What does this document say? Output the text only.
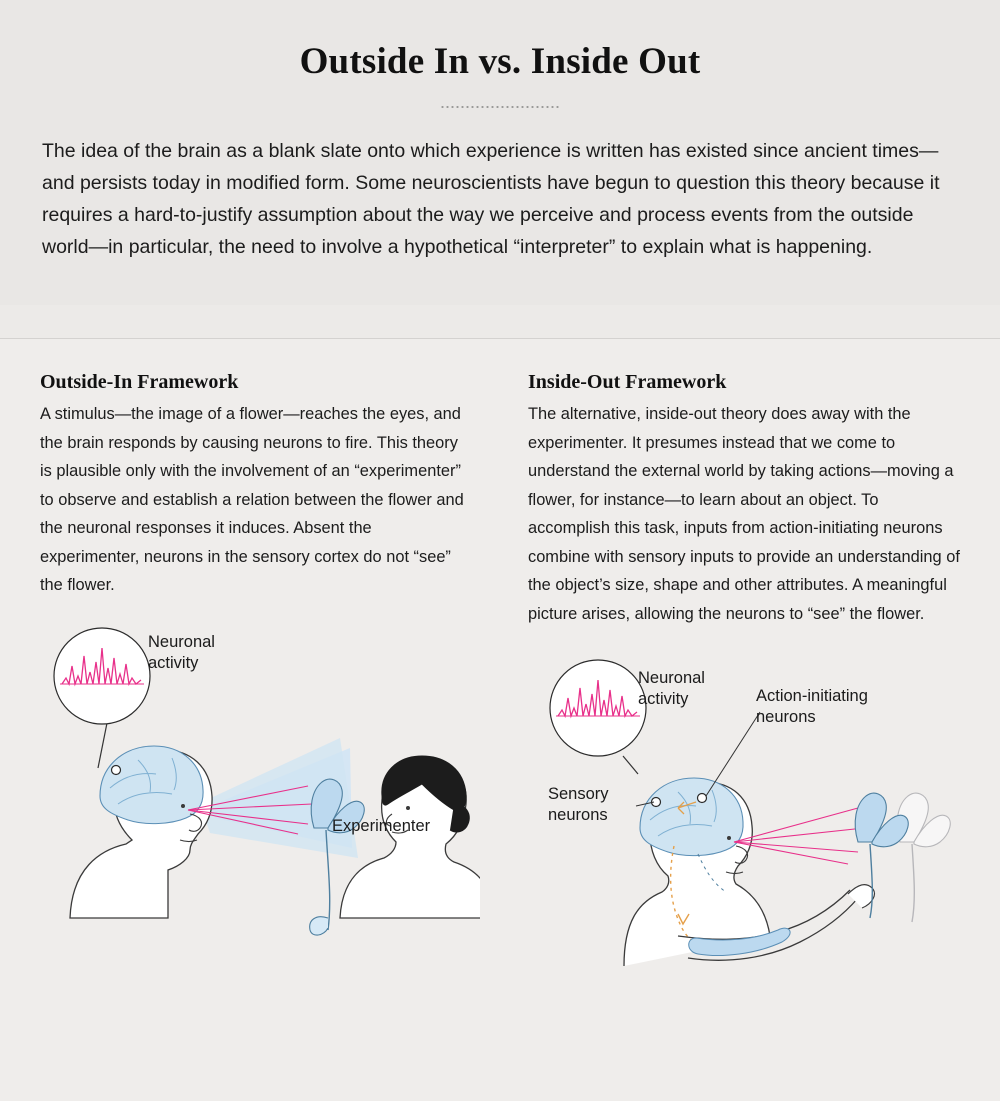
Outside In vs. Inside Out

The idea of the brain as a blank slate onto which experience is written has existed since ancient times—and persists today in modified form. Some neuroscientists have begun to question this theory because it requires a hard-to-justify assumption about the way we perceive and process events from the outside world—in particular, the need to involve a hypothetical “interpreter” to explain what is happening.

Outside-In Framework

A stimulus—the image of a flower—reaches the eyes, and the brain responds by causing neurons to fire. This theory is plausible only with the involvement of an “experimenter” to observe and establish a relation between the flower and the neuronal responses it induces. Absent the experimenter, neurons in the sensory cortex do not “see” the flower.

Neuronal
activity
Experimenter
Inside-Out Framework

The alternative, inside-out theory does away with the experimenter. It presumes instead that we come to understand the external world by taking actions—moving a flower, for instance—to learn about an object. To accomplish this task, inputs from action-initiating neurons combine with sensory inputs to provide an understanding of the object’s size, shape and other attributes. A meaningful picture arises, allowing the neurons to “see” the flower.

Neuronal
activity	Action-initiating
neurons
Sensory
neurons
